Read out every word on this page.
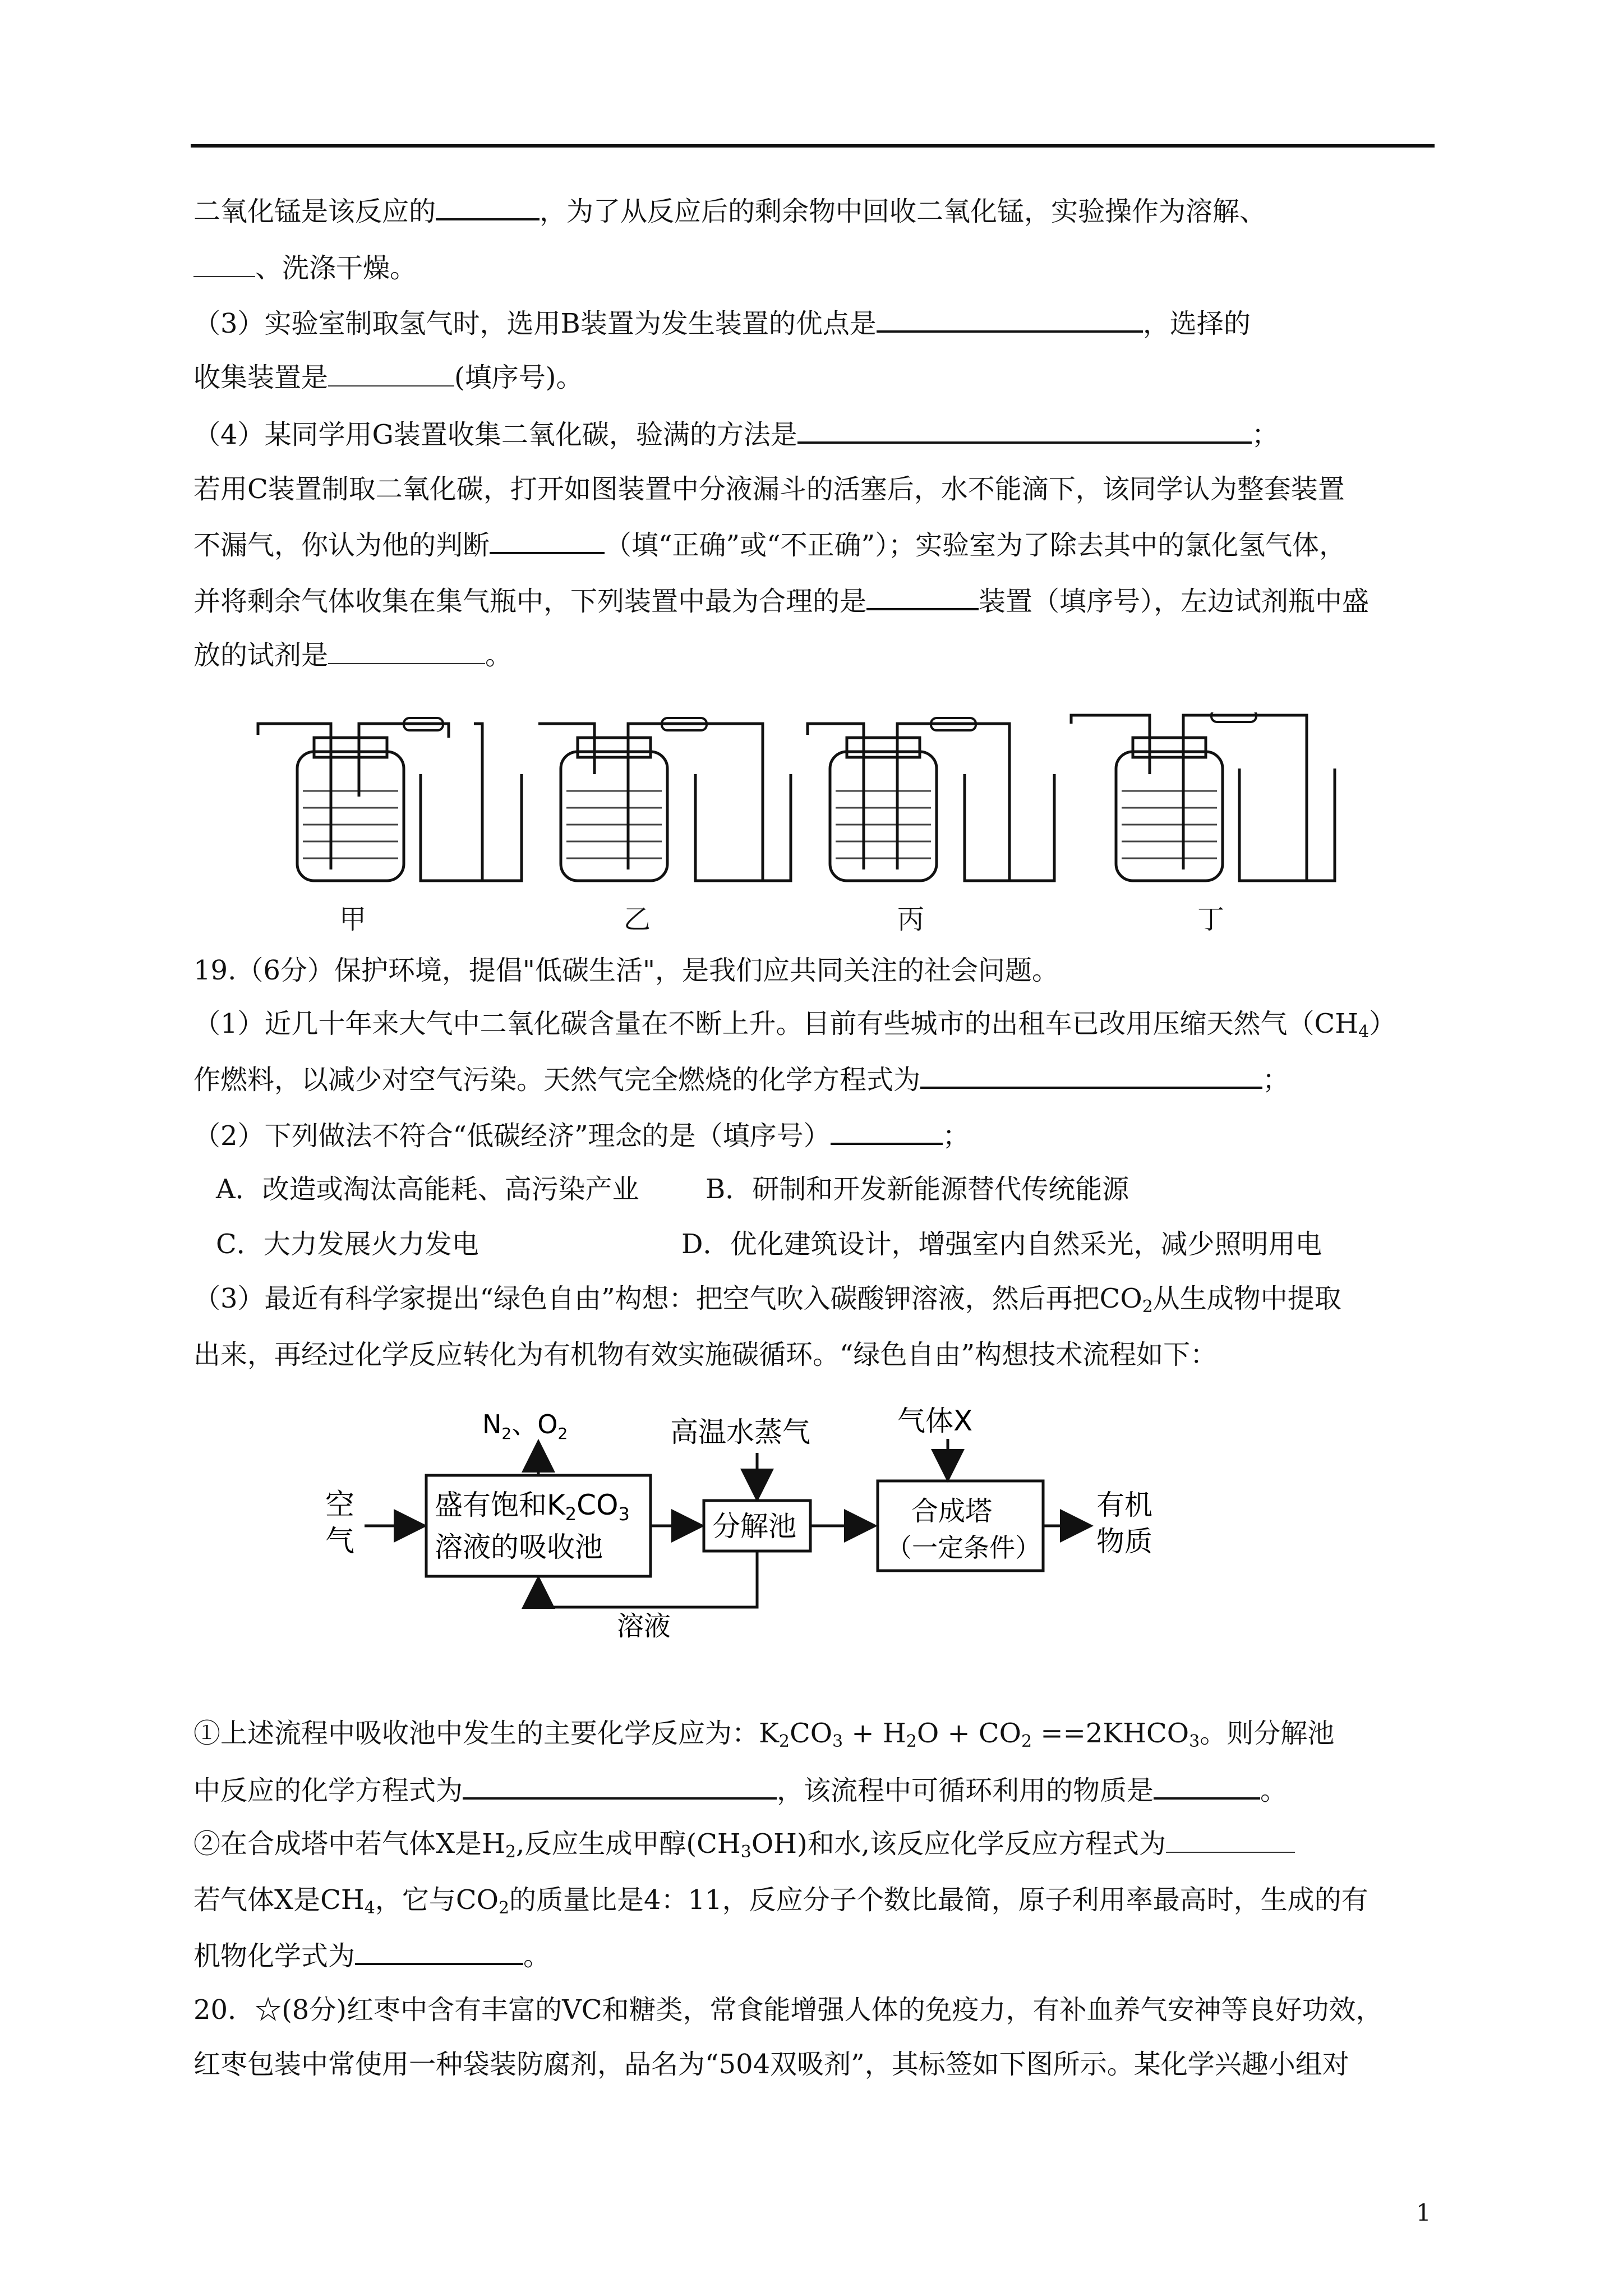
二氧化锰是该反应的	，为了从反应后的剩余物中回收二氧化锰，实验操作为溶解、
、洗涤干燥。
（3）实验室制取氢气时，选用B装置为发生装置的优点是	，选择的
收集装置是	(填序号)。
（4）某同学用G装置收集二氧化碳，验满的方法是	；
若用C装置制取二氧化碳，打开如图装置中分液漏斗的活塞后，水不能滴下，该同学认为整套装置
不漏气，你认为他的判断	（填“正确”或“不正确”）；实验室为了除去其中的氯化氢气体，
并将剩余气体收集在集气瓶中，下列装置中最为合理的是	装置（填序号），左边试剂瓶中盛
放的试剂是	。
甲	乙	丙	丁
19.（6分）保护环境，提倡"低碳生活"，是我们应共同关注的社会问题。
（1）近几十年来大气中二氧化碳含量在不断上升。目前有些城市的出租车已改用压缩天然气$(CH_4)$
作燃料，以减少对空气污染。天然气完全燃烧的化学方程式为	；
（2）下列做法不符合“低碳经济”理念的是（填序号）	；
A．改造或淘汰高能耗、高污染产业 B．研制和开发新能源替代传统能源
C．大力发展火力发电	D．优化建筑设计，增强室内自然采光，减少照明用电
（3）最近有科学家提出“绿色自由”构想：把空气吹入碳酸钾溶液，然后再把$CO_2$从生成物中提取
出来，再经过化学反应转化为有机物有效实施碳循环。“绿色自由”构想技术流程如下：
空
气
盛有饱和$K_2CO_3$
溶液的吸收池
$N_2$、$O_2$
分解池
高温水蒸气
合成塔
（一定条件）
气体X
有机
物质
溶液
①上述流程中吸收池中发生的主要化学反应为：$K_2CO_3 + H_2O + CO_2$ $==2KHCO_3$。则分解池
中反应的化学方程式为	，该流程中可循环利用的物质是	。
②在合成塔中若气体X是$H_2$,反应生成甲醇$(CH_3OH)$和水,该反应化学反应方程式为
若气体X是$CH_4$，它与$CO_2$的质量比是4：11，反应分子个数比最简，原子利用率最高时，生成的有
机物化学式为	。
20．☆(8分)红枣中含有丰富的VC和糖类，常食能增强人体的免疫力，有补血养气安神等良好功效，
红枣包装中常使用一种袋装防腐剂，品名为“504双吸剂”，其标签如下图所示。某化学兴趣小组对
1
